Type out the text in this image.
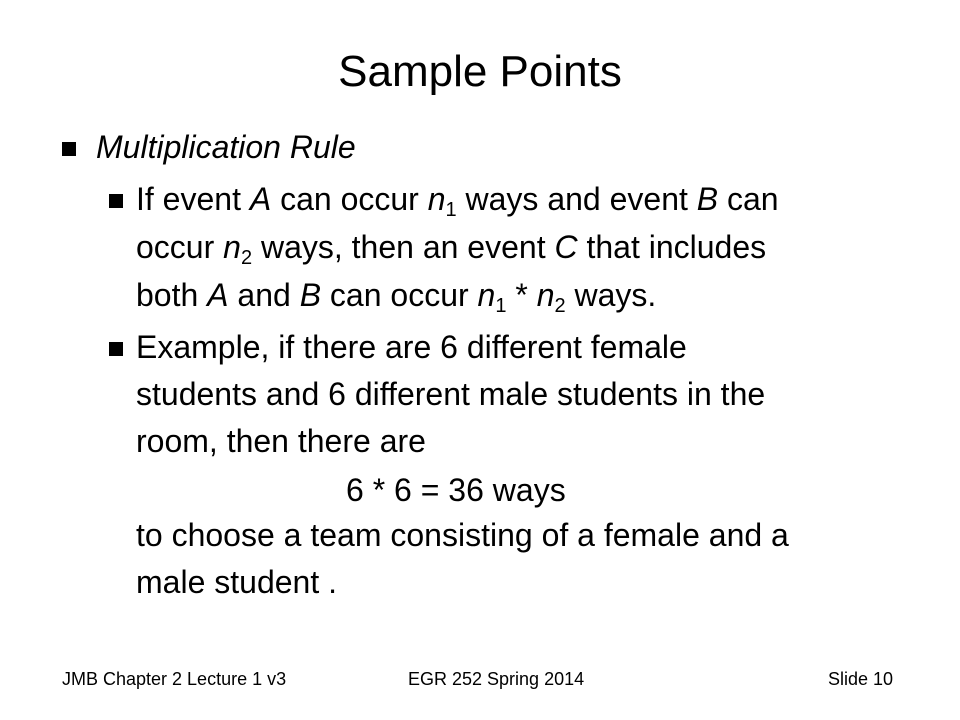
Sample Points
Multiplication Rule
If event A can occur $n_1$ ways and event B can
occur $n_2$ ways, then an event C that includes
both A and B can occur $n_1 * n_2$ ways.
Example, if there are 6 different female
students and 6 different male students in the
room, then there are
6 * 6 = 36 ways
to choose a team consisting of a female and a
male student .
JMB Chapter 2 Lecture 1 v3	EGR 252 Spring 2014	Slide 10
